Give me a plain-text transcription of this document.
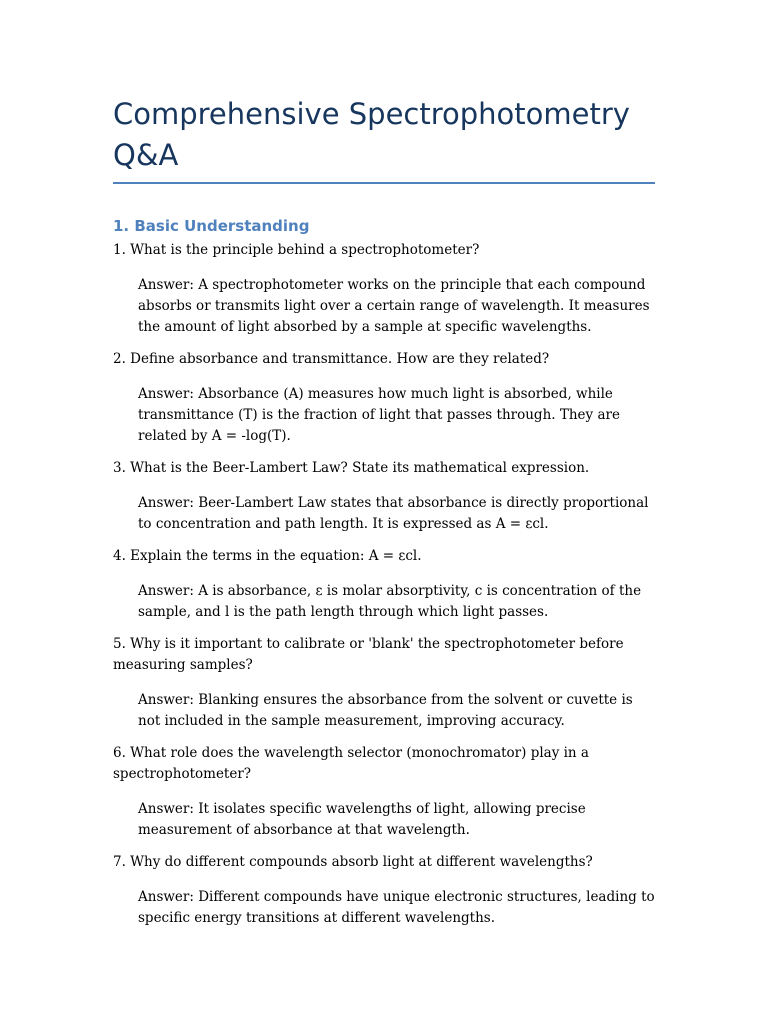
Comprehensive Spectrophotometry Q&A
1. Basic Understanding

1. What is the principle behind a spectrophotometer?

Answer: A spectrophotometer works on the principle that each compound absorbs or transmits light over a certain range of wavelength. It measures the amount of light absorbed by a sample at specific wavelengths.

2. Define absorbance and transmittance. How are they related?

Answer: Absorbance (A) measures how much light is absorbed, while transmittance (T) is the fraction of light that passes through. They are related by A = -log(T).

3. What is the Beer-Lambert Law? State its mathematical expression.

Answer: Beer-Lambert Law states that absorbance is directly proportional to concentration and path length. It is expressed as A = εcl.

4. Explain the terms in the equation: A = εcl.

Answer: A is absorbance, ε is molar absorptivity, c is concentration of the sample, and l is the path length through which light passes.

5. Why is it important to calibrate or 'blank' the spectrophotometer before measuring samples?

Answer: Blanking ensures the absorbance from the solvent or cuvette is not included in the sample measurement, improving accuracy.

6. What role does the wavelength selector (monochromator) play in a spectrophotometer?

Answer: It isolates specific wavelengths of light, allowing precise measurement of absorbance at that wavelength.

7. Why do different compounds absorb light at different wavelengths?

Answer: Different compounds have unique electronic structures, leading to specific energy transitions at different wavelengths.
